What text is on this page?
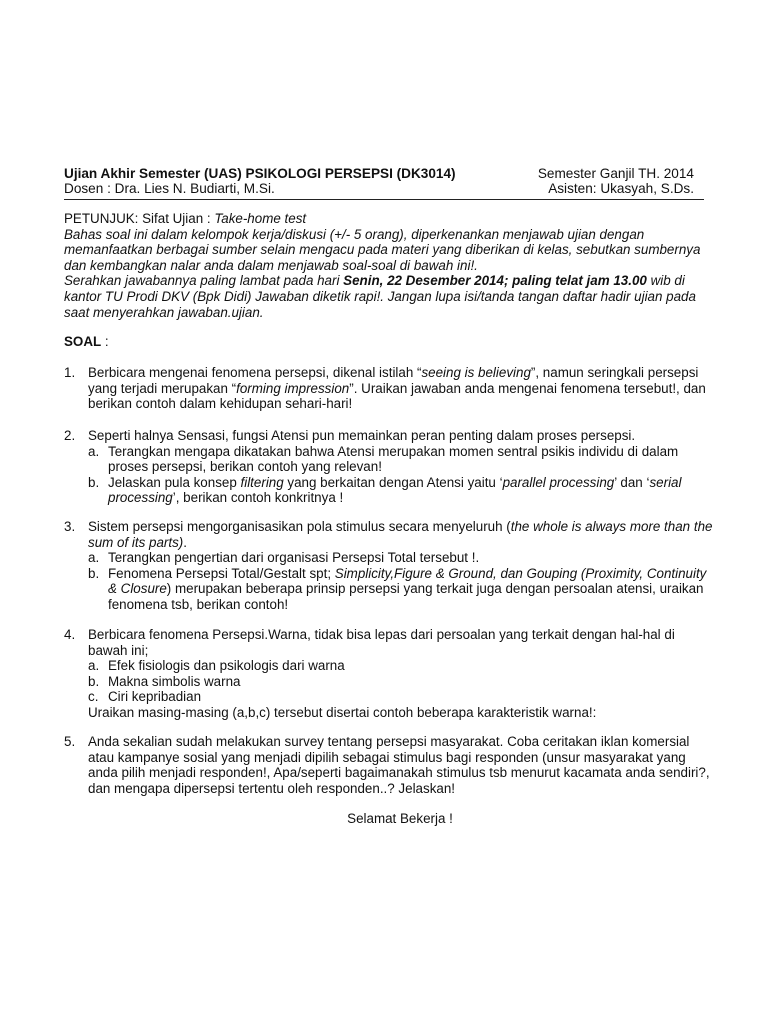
Ujian Akhir Semester (UAS) PSIKOLOGI PERSEPSI (DK3014)	Semester Ganjil TH. 2014
Dosen : Dra. Lies N. Budiarti, M.Si.	Asisten: Ukasyah, S.Ds.
PETUNJUK: Sifat Ujian : Take-home test
Bahas soal ini dalam kelompok kerja/diskusi (+/- 5 orang), diperkenankan menjawab ujian dengan memanfaatkan berbagai sumber selain mengacu pada materi yang diberikan di kelas, sebutkan sumbernya dan kembangkan nalar anda dalam menjawab soal-soal di bawah ini!.
Serahkan jawabannya paling lambat pada hari Senin, 22 Desember 2014; paling telat jam 13.00 wib di kantor TU Prodi DKV (Bpk Didi) Jawaban diketik rapi!. Jangan lupa isi/tanda tangan daftar hadir ujian pada saat menyerahkan jawaban.ujian.
SOAL :
1. Berbicara mengenai fenomena persepsi, dikenal istilah “seeing is believing”, namun seringkali persepsi yang terjadi merupakan “forming impression”. Uraikan jawaban anda mengenai fenomena tersebut!, dan berikan contoh dalam kehidupan sehari-hari!
2. Seperti halnya Sensasi, fungsi Atensi pun memainkan peran penting dalam proses persepsi.
a. Terangkan mengapa dikatakan bahwa Atensi merupakan momen sentral psikis individu di dalam proses persepsi, berikan contoh yang relevan!
b. Jelaskan pula konsep filtering yang berkaitan dengan Atensi yaitu ‘parallel processing’ dan ‘serial processing’, berikan contoh konkritnya !
3. Sistem persepsi mengorganisasikan pola stimulus secara menyeluruh (the whole is always more than the sum of its parts).
a. Terangkan pengertian dari organisasi Persepsi Total tersebut !.
b. Fenomena Persepsi Total/Gestalt spt; Simplicity,Figure & Ground, dan Gouping (Proximity, Continuity & Closure) merupakan beberapa prinsip persepsi yang terkait juga dengan persoalan atensi, uraikan fenomena tsb, berikan contoh!
4. Berbicara fenomena Persepsi.Warna, tidak bisa lepas dari persoalan yang terkait dengan hal-hal di bawah ini;
a. Efek fisiologis dan psikologis dari warna
b. Makna simbolis warna
c. Ciri kepribadian
Uraikan masing-masing (a,b,c) tersebut disertai contoh beberapa karakteristik warna!:
5. Anda sekalian sudah melakukan survey tentang persepsi masyarakat. Coba ceritakan iklan komersial atau kampanye sosial yang menjadi dipilih sebagai stimulus bagi responden (unsur masyarakat yang anda pilih menjadi responden!, Apa/seperti bagaimanakah stimulus tsb menurut kacamata anda sendiri?, dan mengapa dipersepsi tertentu oleh responden..? Jelaskan!
Selamat Bekerja !
